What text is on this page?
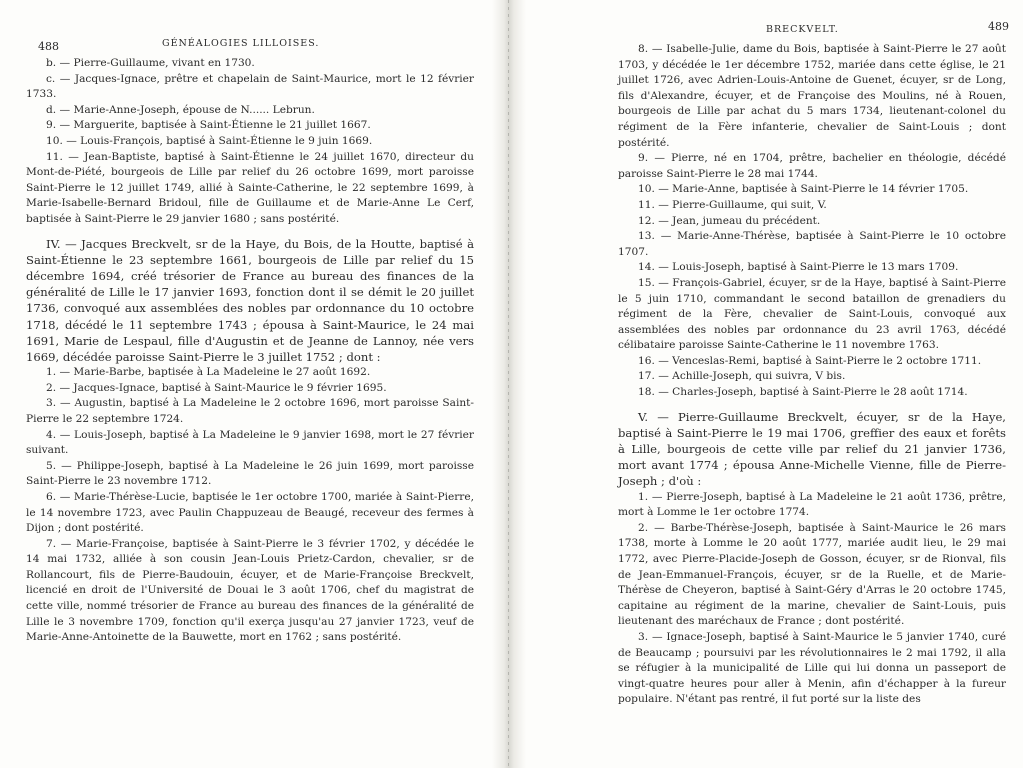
488	GÉNÉALOGIES LILLOISES.

b. — Pierre-Guillaume, vivant en 1730.

c. — Jacques-Ignace, prêtre et chapelain de Saint-Maurice, mort le 12 février 1733.

d. — Marie-Anne-Joseph, épouse de N...... Lebrun.

9. — Marguerite, baptisée à Saint-Étienne le 21 juillet 1667.

10. — Louis-François, baptisé à Saint-Étienne le 9 juin 1669.

11. — Jean-Baptiste, baptisé à Saint-Étienne le 24 juillet 1670, directeur du Mont-de-Piété, bourgeois de Lille par relief du 26 octobre 1699, mort paroisse Saint-Pierre le 12 juillet 1749, allié à Sainte-Catherine, le 22 septembre 1699, à Marie-Isabelle-Bernard Bridoul, fille de Guillaume et de Marie-Anne Le Cerf, baptisée à Saint-Pierre le 29 janvier 1680 ; sans postérité.

IV. — Jacques Breckvelt, sr de la Haye, du Bois, de la Houtte, baptisé à Saint-Étienne le 23 septembre 1661, bourgeois de Lille par relief du 15 décembre 1694, créé trésorier de France au bureau des finances de la généralité de Lille le 17 janvier 1693, fonction dont il se démit le 20 juillet 1736, convoqué aux assemblées des nobles par ordonnance du 10 octobre 1718, décédé le 11 septembre 1743 ; épousa à Saint-Maurice, le 24 mai 1691, Marie de Lespaul, fille d'Augustin et de Jeanne de Lannoy, née vers 1669, décédée paroisse Saint-Pierre le 3 juillet 1752 ; dont :

1. — Marie-Barbe, baptisée à La Madeleine le 27 août 1692.

2. — Jacques-Ignace, baptisé à Saint-Maurice le 9 février 1695.

3. — Augustin, baptisé à La Madeleine le 2 octobre 1696, mort paroisse Saint-Pierre le 22 septembre 1724.

4. — Louis-Joseph, baptisé à La Madeleine le 9 janvier 1698, mort le 27 février suivant.

5. — Philippe-Joseph, baptisé à La Madeleine le 26 juin 1699, mort paroisse Saint-Pierre le 23 novembre 1712.

6. — Marie-Thérèse-Lucie, baptisée le 1er octobre 1700, mariée à Saint-Pierre, le 14 novembre 1723, avec Paulin Chappuzeau de Beaugé, receveur des fermes à Dijon ; dont postérité.

7. — Marie-Françoise, baptisée à Saint-Pierre le 3 février 1702, y décédée le 14 mai 1732, alliée à son cousin Jean-Louis Prietz-Cardon, chevalier, sr de Rollancourt, fils de Pierre-Baudouin, écuyer, et de Marie-Françoise Breckvelt, licencié en droit de l'Université de Douai le 3 août 1706, chef du magistrat de cette ville, nommé trésorier de France au bureau des finances de la généralité de Lille le 3 novembre 1709, fonction qu'il exerça jusqu'au 27 janvier 1723, veuf de Marie-Anne-Antoinette de la Bauwette, mort en 1762 ; sans postérité.

BRECKVELT.	489

8. — Isabelle-Julie, dame du Bois, baptisée à Saint-Pierre le 27 août 1703, y décédée le 1er décembre 1752, mariée dans cette église, le 21 juillet 1726, avec Adrien-Louis-Antoine de Guenet, écuyer, sr de Long, fils d'Alexandre, écuyer, et de Françoise des Moulins, né à Rouen, bourgeois de Lille par achat du 5 mars 1734, lieutenant-colonel du régiment de la Fère infanterie, chevalier de Saint-Louis ; dont postérité.

9. — Pierre, né en 1704, prêtre, bachelier en théologie, décédé paroisse Saint-Pierre le 28 mai 1744.

10. — Marie-Anne, baptisée à Saint-Pierre le 14 février 1705.

11. — Pierre-Guillaume, qui suit, V.

12. — Jean, jumeau du précédent.

13. — Marie-Anne-Thérèse, baptisée à Saint-Pierre le 10 octobre 1707.

14. — Louis-Joseph, baptisé à Saint-Pierre le 13 mars 1709.

15. — François-Gabriel, écuyer, sr de la Haye, baptisé à Saint-Pierre le 5 juin 1710, commandant le second bataillon de grenadiers du régiment de la Fère, chevalier de Saint-Louis, convoqué aux assemblées des nobles par ordonnance du 23 avril 1763, décédé célibataire paroisse Sainte-Catherine le 11 novembre 1763.

16. — Venceslas-Remi, baptisé à Saint-Pierre le 2 octobre 1711.

17. — Achille-Joseph, qui suivra, V bis.

18. — Charles-Joseph, baptisé à Saint-Pierre le 28 août 1714.

V. — Pierre-Guillaume Breckvelt, écuyer, sr de la Haye, baptisé à Saint-Pierre le 19 mai 1706, greffier des eaux et forêts à Lille, bourgeois de cette ville par relief du 21 janvier 1736, mort avant 1774 ; épousa Anne-Michelle Vienne, fille de Pierre-Joseph ; d'où :

1. — Pierre-Joseph, baptisé à La Madeleine le 21 août 1736, prêtre, mort à Lomme le 1er octobre 1774.

2. — Barbe-Thérèse-Joseph, baptisée à Saint-Maurice le 26 mars 1738, morte à Lomme le 20 août 1777, mariée audit lieu, le 29 mai 1772, avec Pierre-Placide-Joseph de Gosson, écuyer, sr de Rionval, fils de Jean-Emmanuel-François, écuyer, sr de la Ruelle, et de Marie-Thérèse de Cheyeron, baptisé à Saint-Géry d'Arras le 20 octobre 1745, capitaine au régiment de la marine, chevalier de Saint-Louis, puis lieutenant des maréchaux de France ; dont postérité.

3. — Ignace-Joseph, baptisé à Saint-Maurice le 5 janvier 1740, curé de Beaucamp ; poursuivi par les révolutionnaires le 2 mai 1792, il alla se réfugier à la municipalité de Lille qui lui donna un passeport de vingt-quatre heures pour aller à Menin, afin d'échapper à la fureur populaire. N'étant pas rentré, il fut porté sur la liste des
